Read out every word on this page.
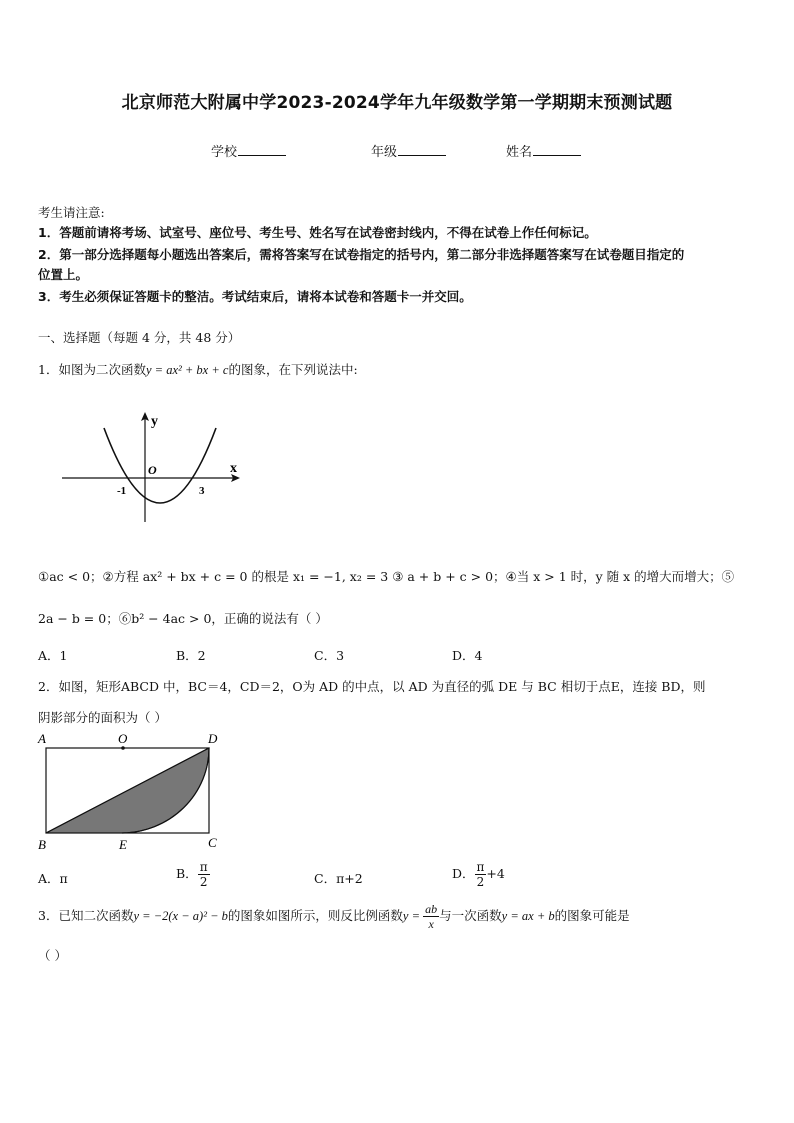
北京师范大附属中学2023-2024学年九年级数学第一学期期末预测试题
学校	年级	姓名
考生请注意:
1．答题前请将考场、试室号、座位号、考生号、姓名写在试卷密封线内，不得在试卷上作任何标记。
2．第一部分选择题每小题选出答案后，需将答案写在试卷指定的括号内，第二部分非选择题答案写在试卷题目指定的
位置上。
3．考生必须保证答题卡的整洁。考试结束后，请将本试卷和答题卡一并交回。
一、选择题（每题 4 分，共 48 分）
1．如图为二次函数y = ax² + bx + c的图象，在下列说法中:
y
x
O
-1	3
①ac < 0；②方程 ax² + bx + c = 0 的根是 x₁ = −1, x₂ = 3 ③ a + b + c > 0；④当 x > 1 时，y 随 x 的增大而增大；⑤
2a − b = 0；⑥b² − 4ac > 0，正确的说法有（ ）
A．1	B．2	C．3	D．4
2．如图，矩形ABCD 中，BC＝4，CD＝2，O为 AD 的中点，以 AD 为直径的弧 DE 与 BC 相切于点E，连接 BD，则
阴影部分的面积为（ ）
A	O	D
B	E	C
A．π	B． $\frac{\pi}{2}$	C．π+2	D． $\frac{\pi}{2} +4$
3．已知二次函数y = −2(x − a)² − b的图象如图所示，则反比例函数$y = \frac{ab}{x}$ 与一次函数y = ax + b的图象可能是
（ ）
